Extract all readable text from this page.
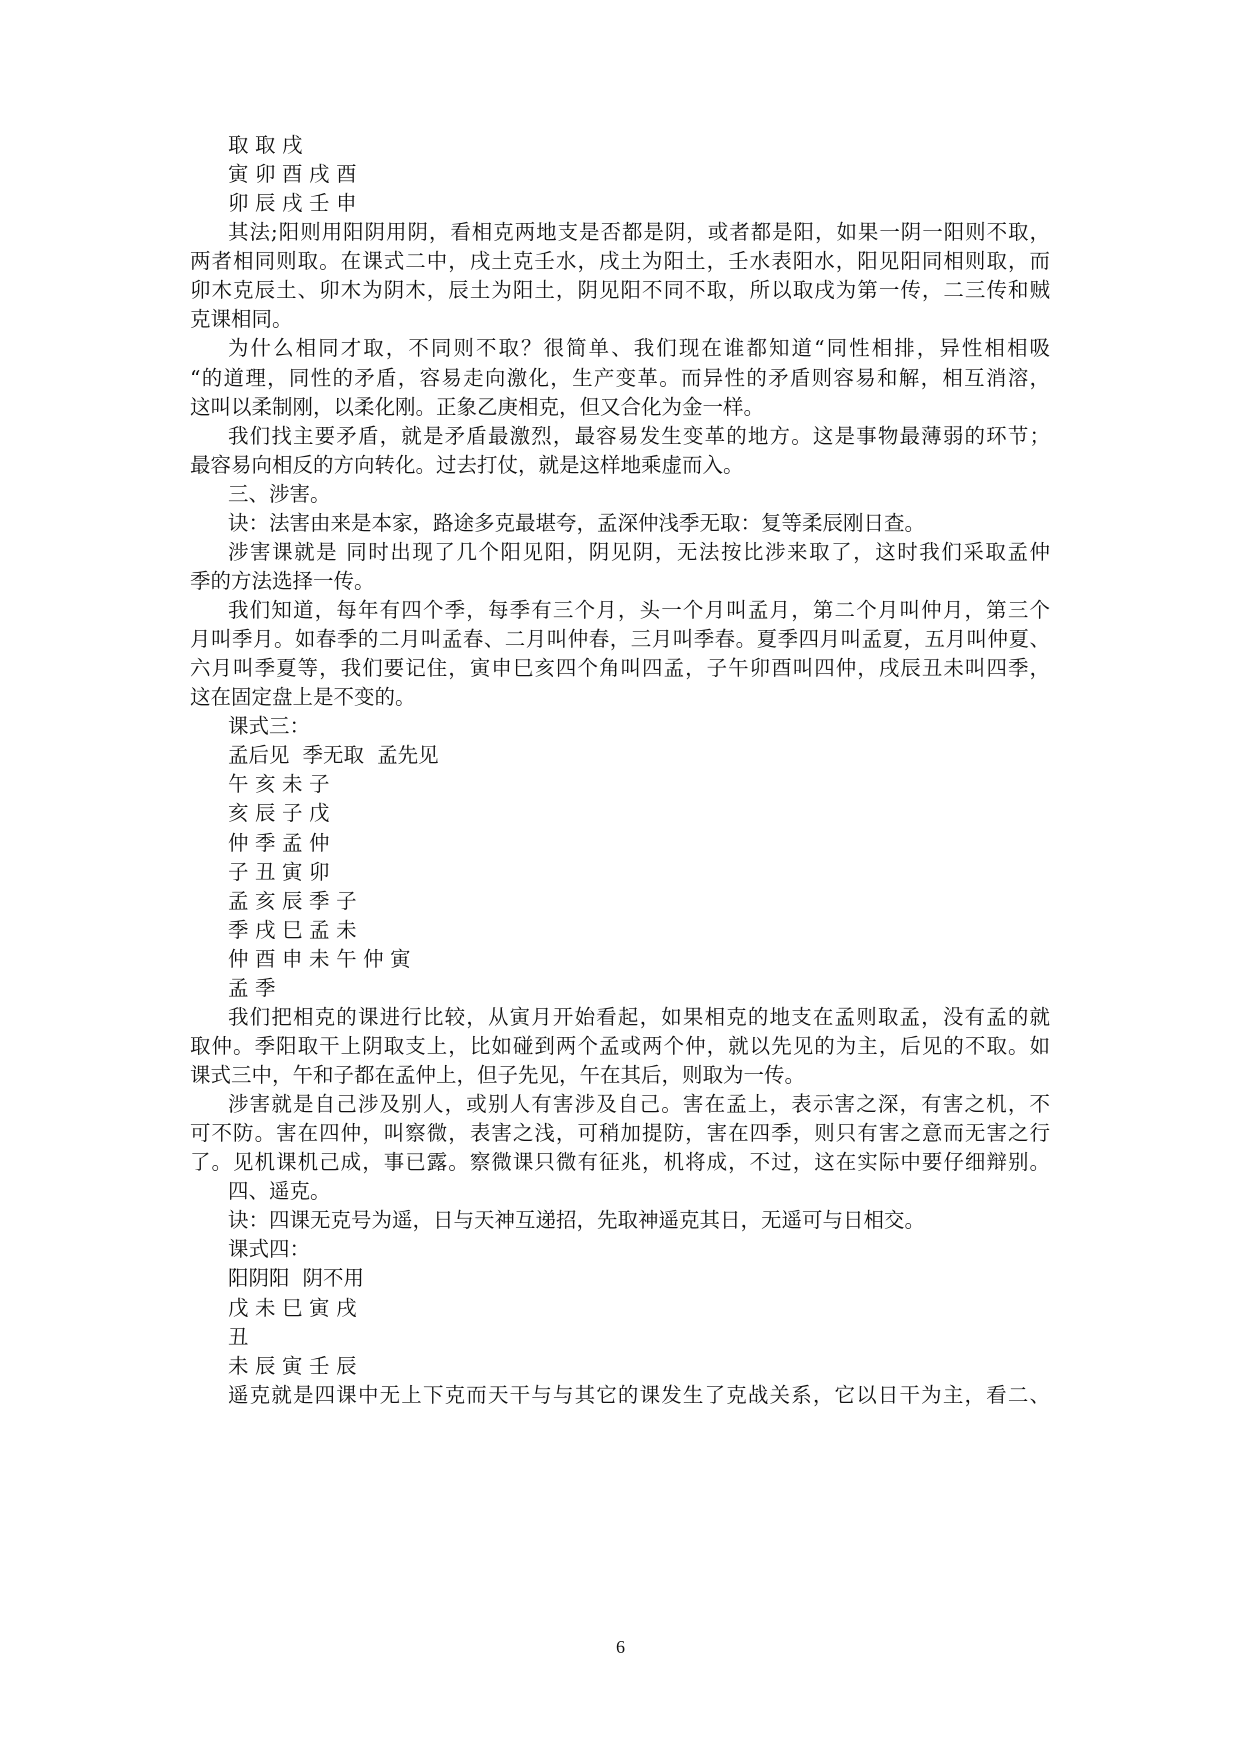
取 取 戌
寅 卯 酉 戌 酉
卯 辰 戌 壬 申
其法;阳则用阳阴用阴，看相克两地支是否都是阴，或者都是阳，如果一阴一阳则不取，
两者相同则取。在课式二中，戌土克壬水，戌土为阳土，壬水表阳水，阳见阳同相则取，而
卯木克辰土、卯木为阴木，辰土为阳土，阴见阳不同不取，所以取戌为第一传，二三传和贼
克课相同。
为什么相同才取，不同则不取？很简单、我们现在谁都知道“同性相排，异性相相吸
“的道理，同性的矛盾，容易走向激化，生产变革。而异性的矛盾则容易和解，相互消溶，
这叫以柔制刚，以柔化刚。正象乙庚相克，但又合化为金一样。
我们找主要矛盾，就是矛盾最激烈，最容易发生变革的地方。这是事物最薄弱的环节；
最容易向相反的方向转化。过去打仗，就是这样地乘虚而入。
三、涉害。
诀：法害由来是本家，路途多克最堪夸，孟深仲浅季无取：复等柔辰刚日查。
涉害课就是 同时出现了几个阳见阳，阴见阴，无法按比涉来取了，这时我们采取孟仲
季的方法选择一传。
我们知道，每年有四个季，每季有三个月，头一个月叫孟月，第二个月叫仲月，第三个
月叫季月。如春季的二月叫孟春、二月叫仲春，三月叫季春。夏季四月叫孟夏，五月叫仲夏、
六月叫季夏等，我们要记住，寅申巳亥四个角叫四孟，子午卯酉叫四仲，戌辰丑未叫四季，
这在固定盘上是不变的。
课式三：
孟后见  季无取  孟先见
午 亥 未 子
亥 辰 子 戊
仲 季 孟 仲
子 丑 寅 卯
孟 亥 辰 季 子
季 戌 巳 孟 未
仲 酉 申 未 午 仲 寅
孟 季
我们把相克的课进行比较，从寅月开始看起，如果相克的地支在孟则取孟，没有孟的就
取仲。季阳取干上阴取支上，比如碰到两个孟或两个仲，就以先见的为主，后见的不取。如
课式三中，午和子都在孟仲上，但子先见，午在其后，则取为一传。
涉害就是自己涉及别人，或别人有害涉及自己。害在孟上，表示害之深，有害之机，不
可不防。害在四仲，叫察微，表害之浅，可稍加提防，害在四季，则只有害之意而无害之行
了。见机课机己成，事已露。察微课只微有征兆，机将成，不过，这在实际中要仔细辩别。
四、遥克。
诀：四课无克号为遥，日与天神互递招，先取神遥克其日，无遥可与日相交。
课式四：
阳阴阳  阴不用
戊 未 巳 寅 戌
丑
未 辰 寅 壬 辰
遥克就是四课中无上下克而天干与与其它的课发生了克战关系，它以日干为主，看二、
6
